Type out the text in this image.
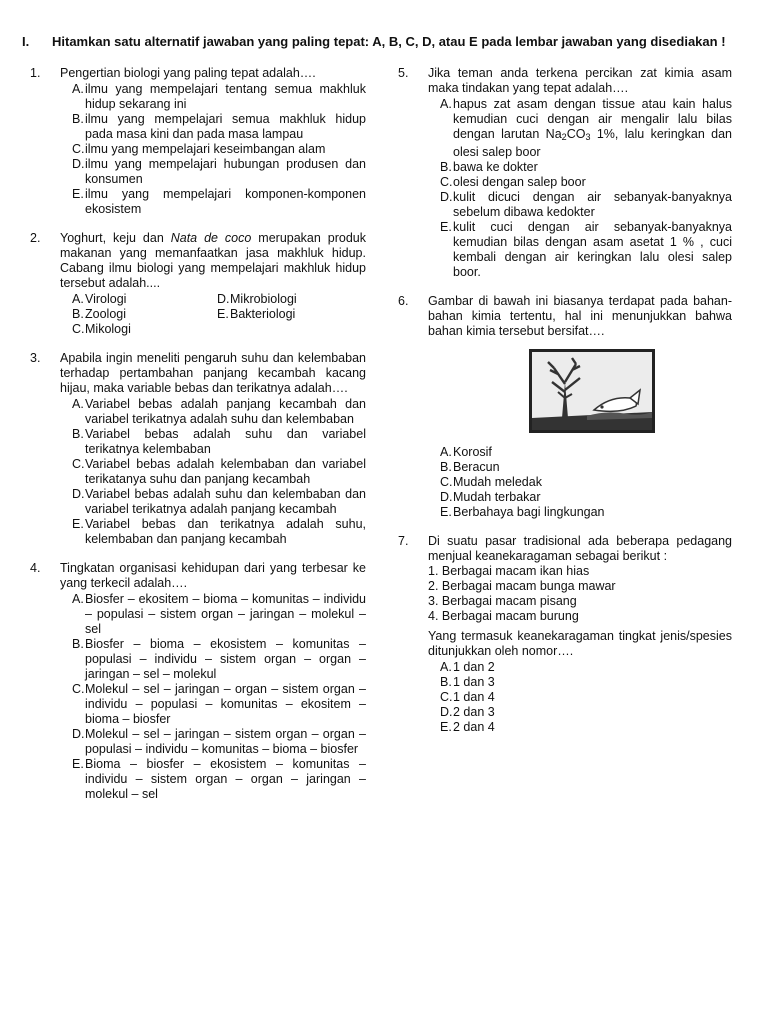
I. Hitamkan satu alternatif jawaban yang paling tepat: A, B, C, D, atau E pada lembar jawaban yang disediakan !
1. Pengertian biologi yang paling tepat adalah….
A. ilmu yang mempelajari tentang semua makhluk hidup sekarang ini
B. ilmu yang mempelajari semua makhluk hidup pada masa kini dan pada masa lampau
C. ilmu yang mempelajari keseimbangan alam
D. ilmu yang mempelajari hubungan produsen dan konsumen
E. ilmu yang mempelajari komponen-komponen ekosistem
2. Yoghurt, keju dan Nata de coco merupakan produk makanan yang memanfaatkan jasa makhluk hidup. Cabang ilmu biologi yang mempelajari makhluk hidup tersebut adalah....
A. Virologi	D. Mikrobiologi
B. Zoologi	E. Bakteriologi
C. Mikologi
3. Apabila ingin meneliti pengaruh suhu dan kelembaban terhadap pertambahan panjang kecambah kacang hijau, maka variable bebas dan terikatnya adalah….
A. Variabel bebas adalah panjang kecambah dan variabel terikatnya adalah suhu dan kelembaban
B. Variabel bebas adalah suhu dan variabel terikatnya kelembaban
C. Variabel bebas adalah kelembaban dan variabel terikatanya suhu dan panjang kecambah
D. Variabel bebas adalah suhu dan kelembaban dan variabel terikatnya adalah panjang kecambah
E. Variabel bebas dan terikatnya adalah suhu, kelembaban dan panjang kecambah
4. Tingkatan organisasi kehidupan dari yang terbesar ke yang terkecil adalah….
A. Biosfer – ekositem – bioma – komunitas – individu – populasi – sistem organ – jaringan – molekul – sel
B. Biosfer – bioma – ekosistem – komunitas – populasi – individu – sistem organ – organ – jaringan – sel – molekul
C. Molekul – sel – jaringan – organ – sistem organ – individu – populasi – komunitas – ekositem – bioma – biosfer
D. Molekul – sel – jaringan – sistem organ – organ – populasi – individu – komunitas – bioma – biosfer
E. Bioma – biosfer – ekosistem – komunitas – individu – sistem organ – organ – jaringan – molekul – sel
5. Jika teman anda terkena percikan zat kimia asam maka tindakan yang tepat adalah….
A. hapus zat asam dengan tissue atau kain halus kemudian cuci dengan air mengalir lalu bilas dengan larutan $Na_2CO_3$ 1%, lalu keringkan dan olesi salep boor
B. bawa ke dokter
C. olesi dengan salep boor
D. kulit dicuci dengan air sebanyak-banyaknya sebelum dibawa kedokter
E. kulit cuci dengan air sebanyak-banyaknya kemudian bilas dengan asam asetat 1 % , cuci kembali dengan air keringkan lalu olesi salep boor.
6. Gambar di bawah ini biasanya terdapat pada bahan-bahan kimia tertentu, hal ini menunjukkan bahwa bahan kimia tersebut bersifat….
A. Korosif
B. Beracun
C. Mudah meledak
D. Mudah terbakar
E. Berbahaya bagi lingkungan
7. Di suatu pasar tradisional ada beberapa pedagang menjual keanekaragaman sebagai berikut :
1. Berbagai macam ikan hias
2. Berbagai macam bunga mawar
3. Berbagai macam pisang
4. Berbagai macam burung
Yang termasuk keanekaragaman tingkat jenis/spesies ditunjukkan oleh nomor….
A. 1 dan 2
B. 1 dan 3
C. 1 dan 4
D. 2 dan 3
E. 2 dan 4
